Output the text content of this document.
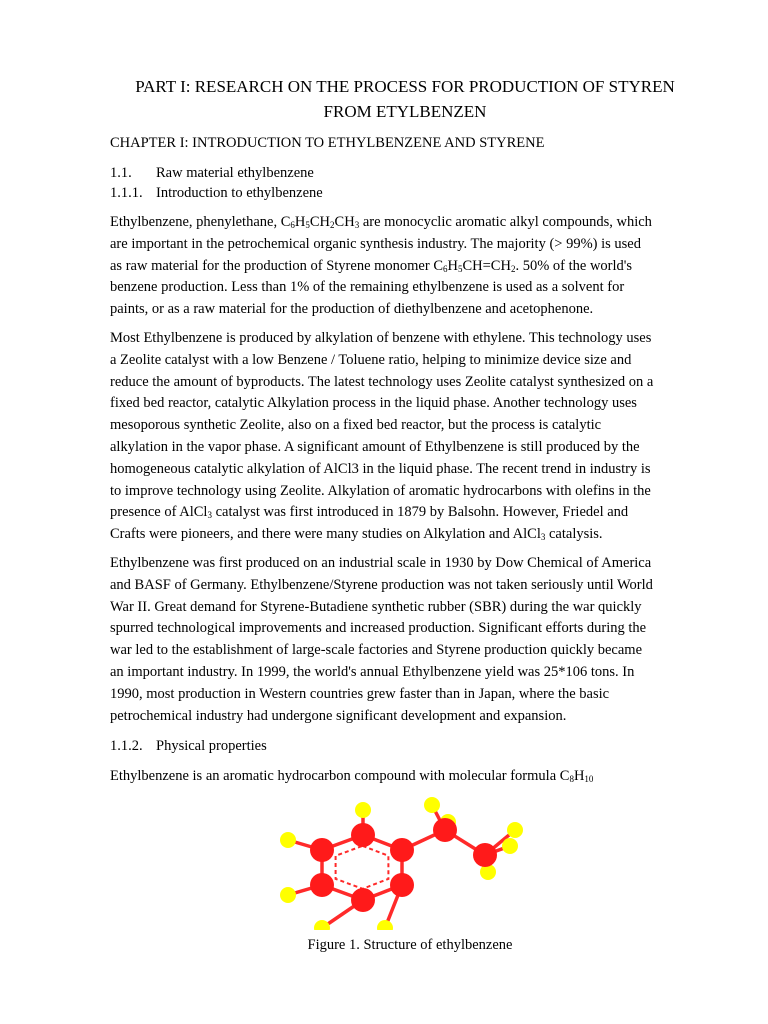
PART I: RESEARCH ON THE PROCESS FOR PRODUCTION OF STYREN
FROM ETYLBENZEN
CHAPTER I: INTRODUCTION TO ETHYLBENZENE AND STYRENE
1.1. Raw material ethylbenzene
1.1.1. Introduction to ethylbenzene
Ethylbenzene, phenylethane, $C_6H_5CH_2CH_3$ are monocyclic aromatic alkyl compounds, which
are important in the petrochemical organic synthesis industry. The majority (> 99%) is used
as raw material for the production of Styrene monomer $C_6H_5CH=CH_2$. 50% of the world's
benzene production. Less than 1% of the remaining ethylbenzene is used as a solvent for
paints, or as a raw material for the production of diethylbenzene and acetophenone.
Most Ethylbenzene is produced by alkylation of benzene with ethylene. This technology uses
a Zeolite catalyst with a low Benzene / Toluene ratio, helping to minimize device size and
reduce the amount of byproducts. The latest technology uses Zeolite catalyst synthesized on a
fixed bed reactor, catalytic Alkylation process in the liquid phase. Another technology uses
mesoporous synthetic Zeolite, also on a fixed bed reactor, but the process is catalytic
alkylation in the vapor phase. A significant amount of Ethylbenzene is still produced by the
homogeneous catalytic alkylation of AlCl3 in the liquid phase. The recent trend in industry is
to improve technology using Zeolite. Alkylation of aromatic hydrocarbons with olefins in the
presence of AlCl$_3$ catalyst was first introduced in 1879 by Balsohn. However, Friedel and
Crafts were pioneers, and there were many studies on Alkylation and AlCl$_3$ catalysis.
Ethylbenzene was first produced on an industrial scale in 1930 by Dow Chemical of America
and BASF of Germany. Ethylbenzene/Styrene production was not taken seriously until World
War II. Great demand for Styrene-Butadiene synthetic rubber (SBR) during the war quickly
spurred technological improvements and increased production. Significant efforts during the
war led to the establishment of large-scale factories and Styrene production quickly became
an important industry. In 1999, the world's annual Ethylbenzene yield was 25*106 tons. In
1990, most production in Western countries grew faster than in Japan, where the basic
petrochemical industry had undergone significant development and expansion.
1.1.2. Physical properties
Ethylbenzene is an aromatic hydrocarbon compound with molecular formula $C_8H_{10}$
Figure 1. Structure of ethylbenzene
